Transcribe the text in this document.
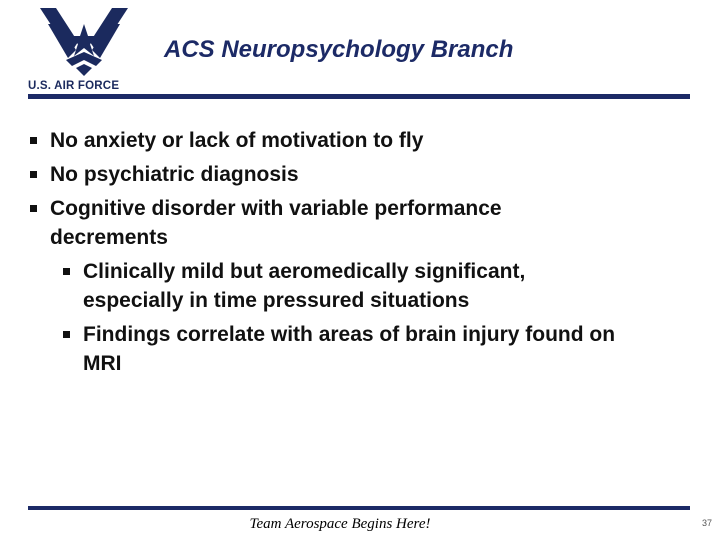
U.S. AIR FORCE
ACS Neuropsychology Branch
No anxiety or lack of motivation to fly
No psychiatric diagnosis
Cognitive disorder with variable performance
decrements
Clinically mild but aeromedically significant,
especially in time pressured situations
Findings correlate with areas of brain injury found on
MRI
Team Aerospace Begins Here!	37
